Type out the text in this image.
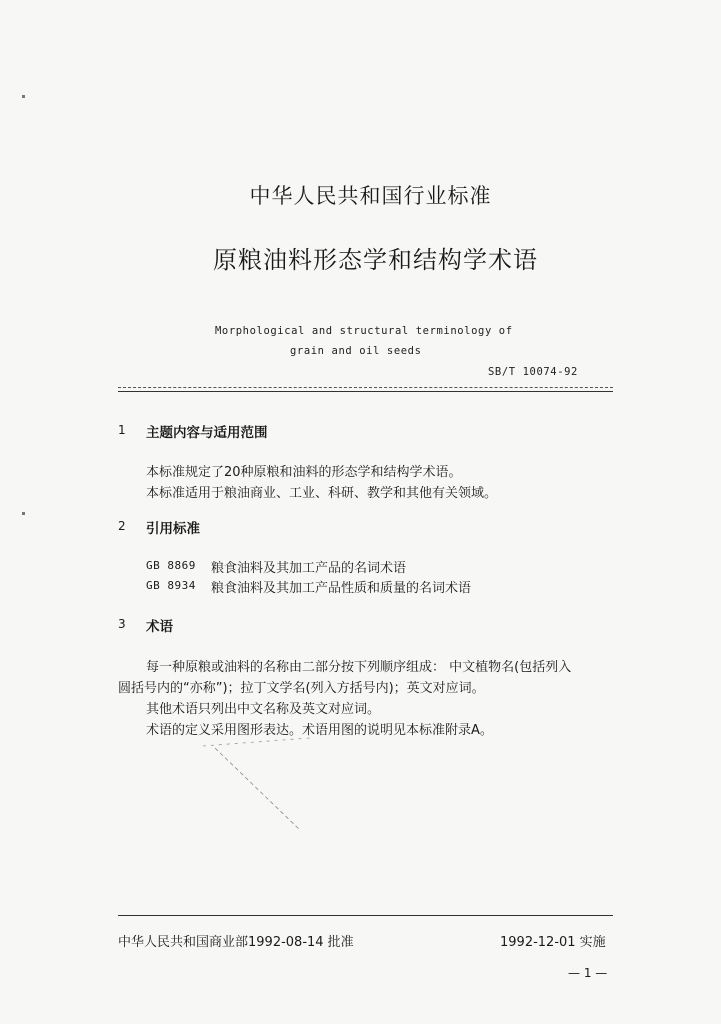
中华人民共和国行业标准
原粮油料形态学和结构学术语
Morphological and structural terminology of
grain and oil seeds
SB/T 10074-92
1 主题内容与适用范围
本标准规定了20种原粮和油料的形态学和结构学术语。
本标准适用于粮油商业、工业、科研、教学和其他有关领域。
2 引用标准
GB 8869 粮食油料及其加工产品的名词术语
GB 8934 粮食油料及其加工产品性质和质量的名词术语
3 术语
每一种原粮或油料的名称由二部分按下列顺序组成： 中文植物名(包括列入
圆括号内的“亦称”)；拉丁文学名(列入方括号内)；英文对应词。
其他术语只列出中文名称及英文对应词。
术语的定义采用图形表达。术语用图的说明见本标准附录A。
中华人民共和国商业部1992-08-14 批准	1992-12-01 实施
— 1 —
